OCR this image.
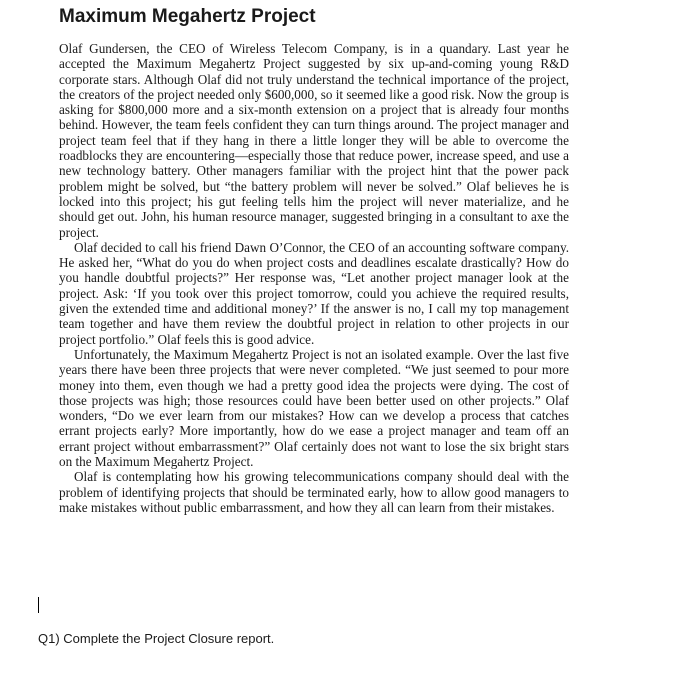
Maximum Megahertz Project

Olaf Gundersen, the CEO of Wireless Telecom Company, is in a quandary. Last year he accepted the Maximum Megahertz Project suggested by six up-and-coming young R&D corporate stars. Although Olaf did not truly understand the technical importance of the project, the creators of the project needed only $600,000, so it seemed like a good risk. Now the group is asking for $800,000 more and a six-month extension on a project that is already four months behind. However, the team feels confident they can turn things around. The project manager and project team feel that if they hang in there a little longer they will be able to overcome the roadblocks they are encountering—especially those that reduce power, increase speed, and use a new technology battery. Other managers familiar with the project hint that the power pack problem might be solved, but “the battery problem will never be solved.” Olaf believes he is locked into this project; his gut feeling tells him the project will never materialize, and he should get out. John, his human resource manager, suggested bringing in a consultant to axe the project.

Olaf decided to call his friend Dawn O’Connor, the CEO of an accounting software company. He asked her, “What do you do when project costs and deadlines escalate drastically? How do you handle doubtful projects?” Her response was, “Let another project manager look at the project. Ask: ‘If you took over this project tomorrow, could you achieve the required results, given the extended time and additional money?’ If the answer is no, I call my top management team together and have them review the doubtful project in relation to other projects in our project portfolio.” Olaf feels this is good advice.

Unfortunately, the Maximum Megahertz Project is not an isolated example. Over the last five years there have been three projects that were never completed. “We just seemed to pour more money into them, even though we had a pretty good idea the projects were dying. The cost of those projects was high; those resources could have been better used on other projects.” Olaf wonders, “Do we ever learn from our mistakes? How can we develop a process that catches errant projects early? More importantly, how do we ease a project manager and team off an errant project without embarrassment?” Olaf certainly does not want to lose the six bright stars on the Maximum Megahertz Project.

Olaf is contemplating how his growing telecommunications company should deal with the problem of identifying projects that should be terminated early, how to allow good managers to make mistakes without public embarrassment, and how they all can learn from their mistakes.

Q1) Complete the Project Closure report.
